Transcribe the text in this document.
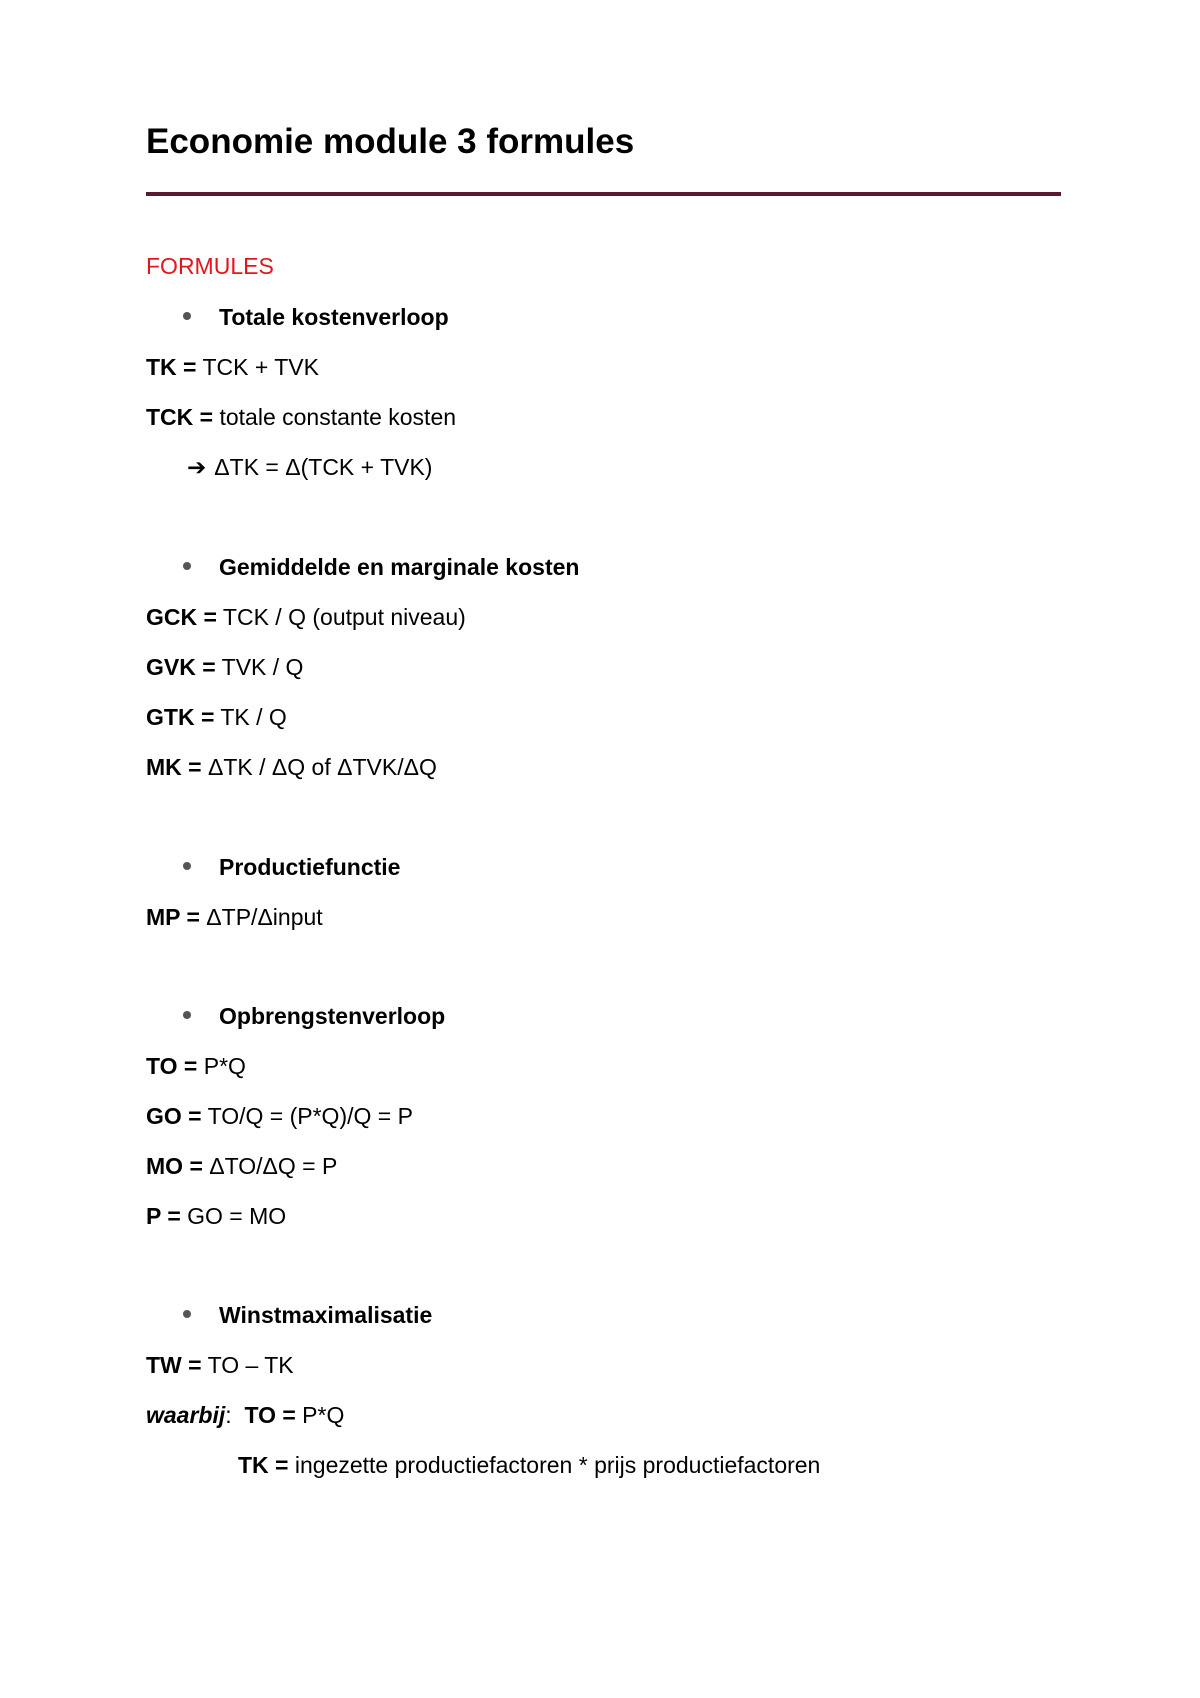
Economie module 3 formules
FORMULES
Totale kostenverloop
TK = TCK + TVK
TCK = totale constante kosten
➔ ΔTK = Δ(TCK + TVK)
Gemiddelde en marginale kosten
GCK = TCK / Q (output niveau)
GVK = TVK / Q
GTK = TK / Q
MK = ΔTK / ΔQ of ΔTVK/ΔQ
Productiefunctie
MP = ΔTP/Δinput
Opbrengstenverloop
TO = P*Q
GO = TO/Q = (P*Q)/Q = P
MO = ΔTO/ΔQ = P
P = GO = MO
Winstmaximalisatie
TW = TO – TK
waarbij:  TO = P*Q
TK = ingezette productiefactoren * prijs productiefactoren
